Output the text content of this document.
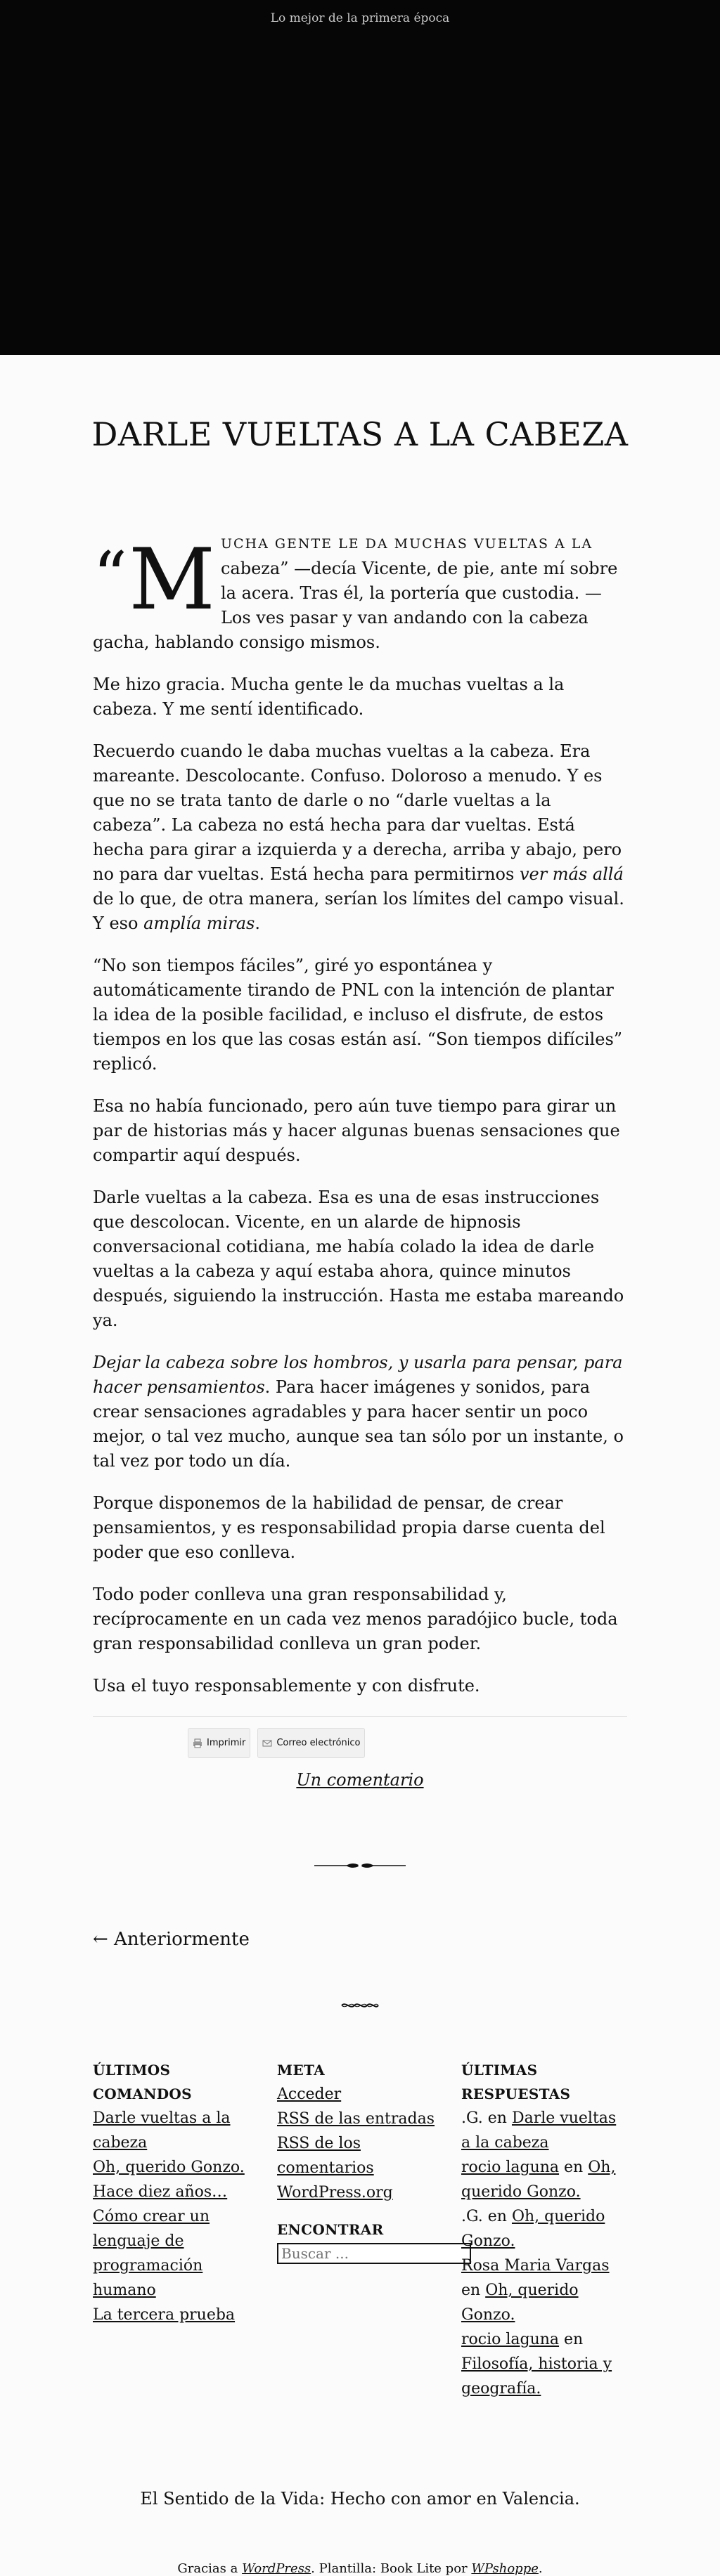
Lo mejor de la primera época
DARLE VUELTAS A LA CABEZA

“ M UCHA GENTE LE DA MUCHAS VUELTAS A LA cabeza” —decía Vicente, de pie, ante mí sobre la acera. Tras él, la portería que custodia. —Los ves pasar y van andando con la cabeza gacha, hablando consigo mismos.

Me hizo gracia. Mucha gente le da muchas vueltas a la cabeza. Y me sentí identificado.

Recuerdo cuando le daba muchas vueltas a la cabeza. Era mareante. Descolocante. Confuso. Doloroso a menudo. Y es que no se trata tanto de darle o no “darle vueltas a la cabeza”. La cabeza no está hecha para dar vueltas. Está hecha para girar a izquierda y a derecha, arriba y abajo, pero no para dar vueltas. Está hecha para permitirnos ver más allá de lo que, de otra manera, serían los límites del campo visual. Y eso amplía miras.

“No son tiempos fáciles”, giré yo espontánea y automáticamente tirando de PNL con la intención de plantar la idea de la posible facilidad, e incluso el disfrute, de estos tiempos en los que las cosas están así. “Son tiempos difíciles” replicó.

Esa no había funcionado, pero aún tuve tiempo para girar un par de historias más y hacer algunas buenas sensaciones que compartir aquí después.

Darle vueltas a la cabeza. Esa es una de esas instrucciones que descolocan. Vicente, en un alarde de hipnosis conversacional cotidiana, me había colado la idea de darle vueltas a la cabeza y aquí estaba ahora, quince minutos después, siguiendo la instrucción. Hasta me estaba mareando ya.

Dejar la cabeza sobre los hombros, y usarla para pensar, para hacer pensamientos. Para hacer imágenes y sonidos, para crear sensaciones agradables y para hacer sentir un poco mejor, o tal vez mucho, aunque sea tan sólo por un instante, o tal vez por todo un día.

Porque disponemos de la habilidad de pensar, de crear pensamientos, y es responsabilidad propia darse cuenta del poder que eso conlleva.

Todo poder conlleva una gran responsabilidad y, recíprocamente en un cada vez menos paradójico bucle, toda gran responsabilidad conlleva un gran poder.

Usa el tuyo responsablemente y con disfrute.

Imprimir	Correo electrónico
Un comentario
← Anteriormente
ÚLTIMOS COMANDOS
Darle vueltas a la cabeza
Oh, querido Gonzo.
Hace diez años…
Cómo crear un lenguaje de programación humano
La tercera prueba
META
Acceder
RSS de las entradas
RSS de los comentarios
WordPress.org
ENCONTRAR
Buscar ...
ÚLTIMAS RESPUESTAS
.G. en Darle vueltas a la cabeza
rocio laguna en Oh, querido Gonzo.
.G. en Oh, querido Gonzo.
Rosa Maria Vargas en Oh, querido Gonzo.
rocio laguna en Filosofía, historia y geografía.
El Sentido de la Vida: Hecho con amor en Valencia.
Gracias a WordPress. Plantilla: Book Lite por WPshoppe.
